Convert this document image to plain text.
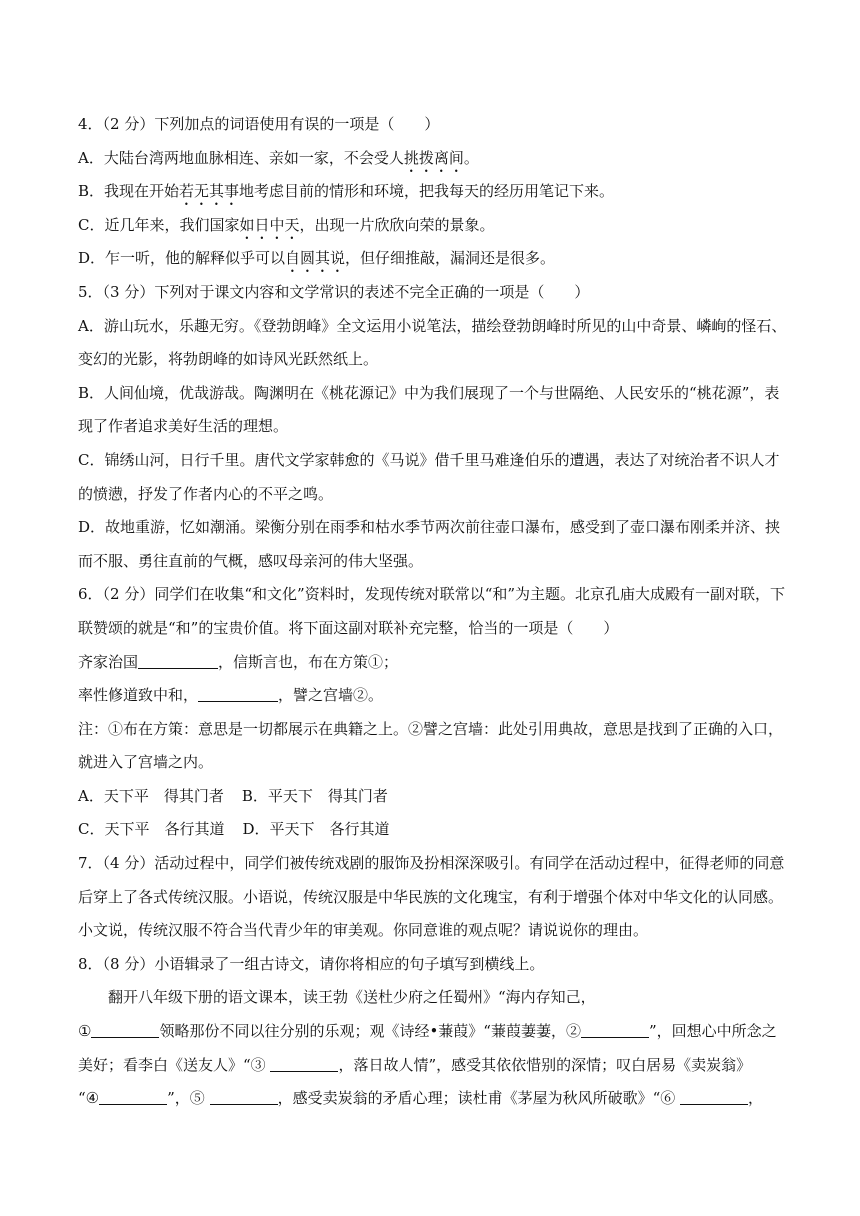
4．（2 分）下列加点的词语使用有误的一项是（　　）
A．大陆台湾两地血脉相连、亲如一家，不会受人挑拨离间。
B．我现在开始若无其事地考虑目前的情形和环境，把我每天的经历用笔记下来。
C．近几年来，我们国家如日中天，出现一片欣欣向荣的景象。
D．乍一听，他的解释似乎可以自圆其说，但仔细推敲，漏洞还是很多。
5．（3 分）下列对于课文内容和文学常识的表述不完全正确的一项是（　　）
A．游山玩水，乐趣无穷。《登勃朗峰》全文运用小说笔法，描绘登勃朗峰时所见的山中奇景、嶙峋的怪石、
变幻的光影，将勃朗峰的如诗风光跃然纸上。
B．人间仙境，优哉游哉。陶渊明在《桃花源记》中为我们展现了一个与世隔绝、人民安乐的“桃花源”，表
现了作者追求美好生活的理想。
C．锦绣山河，日行千里。唐代文学家韩愈的《马说》借千里马难逢伯乐的遭遇，表达了对统治者不识人才
的愤懑，抒发了作者内心的不平之鸣。
D．故地重游，忆如潮涌。梁衡分别在雨季和枯水季节两次前往壶口瀑布，感受到了壶口瀑布刚柔并济、挟
而不服、勇往直前的气概，感叹母亲河的伟大坚强。
6．（2 分）同学们在收集“和文化”资料时，发现传统对联常以“和”为主题。北京孔庙大成殿有一副对联，下
联赞颂的就是“和”的宝贵价值。将下面这副对联补充完整，恰当的一项是（　　）
齐家治国	，信斯言也，布在方策①；
率性修道致中和，	，譬之宫墙②。
注：①布在方策：意思是一切都展示在典籍之上。②譬之宫墙：此处引用典故，意思是找到了正确的入口，
就进入了宫墙之内。
A．天下平　得其门者 B．平天下　得其门者
C．天下平　各行其道 D．平天下　各行其道
7．（4 分）活动过程中，同学们被传统戏剧的服饰及扮相深深吸引。有同学在活动过程中，征得老师的同意
后穿上了各式传统汉服。小语说，传统汉服是中华民族的文化瑰宝，有利于增强个体对中华文化的认同感。
小文说，传统汉服不符合当代青少年的审美观。你同意谁的观点呢？请说说你的理由。
8．（8 分）小语辑录了一组古诗文，请你将相应的句子填写到横线上。
翻开八年级下册的语文课本，读王勃《送杜少府之任蜀州》“海内存知己，
①	领略那份不同以往分别的乐观；观《诗经•蒹葭》“蒹葭萋萋，②	”，回想心中所念之
美好；看李白《送友人》“③	，落日故人情”，感受其依依惜别的深情；叹白居易《卖炭翁》
“④	”，⑤	，感受卖炭翁的矛盾心理；读杜甫《茅屋为秋风所破歌》“⑥	，
